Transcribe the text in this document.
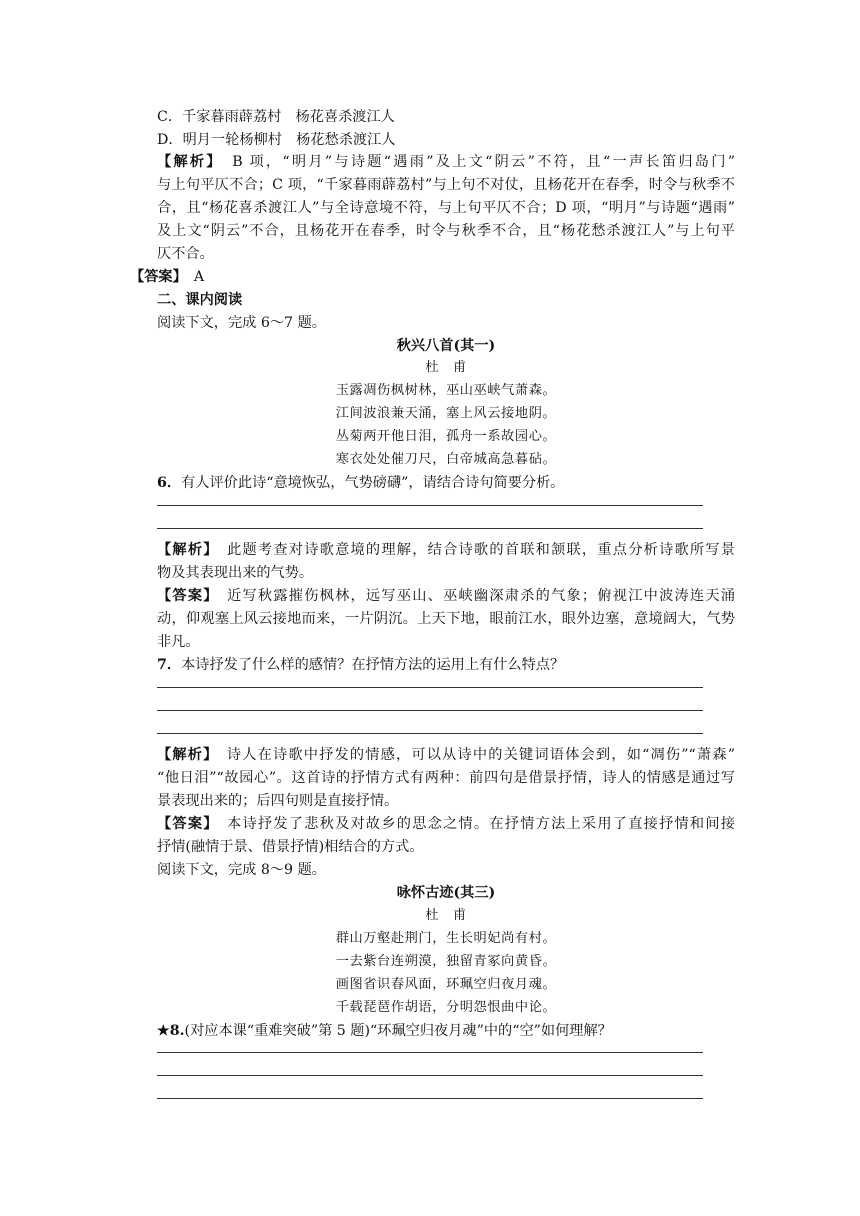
C．千家暮雨薜荔村　杨花喜杀渡江人

D．明月一轮杨柳村　杨花愁杀渡江人

【解析】　 B 项，“明月”与诗题“遇雨”及上文“阴云”不符，且“一声长笛归岛门”

与上句平仄不合；C 项，“千家暮雨薜荔村”与上句不对仗，且杨花开在春季，时令与秋季不

合，且“杨花喜杀渡江人”与全诗意境不符，与上句平仄不合；D 项，“明月”与诗题“遇雨”

及上文“阴云”不合，且杨花开在春季，时令与秋季不合，且“杨花愁杀渡江人”与上句平

仄不合。

【答案】　 A

二、课内阅读

阅读下文，完成 6～7 题。

秋兴八首(其一)

杜　甫

玉露凋伤枫树林，巫山巫峡气萧森。

江间波浪兼天涌，塞上风云接地阴。

丛菊两开他日泪，孤舟一系故园心。

寒衣处处催刀尺，白帝城高急暮砧。

6．有人评价此诗“意境恢弘，气势磅礴”，请结合诗句简要分析。

【解析】　 此题考查对诗歌意境的理解，结合诗歌的首联和颔联，重点分析诗歌所写景

物及其表现出来的气势。

【答案】　 近写秋露摧伤枫林，远写巫山、巫峡幽深肃杀的气象；俯视江中波涛连天涌

动，仰观塞上风云接地而来，一片阴沉。上天下地，眼前江水，眼外边塞，意境阔大，气势

非凡。

7．本诗抒发了什么样的感情？在抒情方法的运用上有什么特点？

【解析】　 诗人在诗歌中抒发的情感，可以从诗中的关键词语体会到，如“凋伤”“萧森”

“他日泪”“故园心”。这首诗的抒情方式有两种：前四句是借景抒情，诗人的情感是通过写

景表现出来的；后四句则是直接抒情。

【答案】　 本诗抒发了悲秋及对故乡的思念之情。在抒情方法上采用了直接抒情和间接

抒情(融情于景、借景抒情)相结合的方式。

阅读下文，完成 8～9 题。

咏怀古迹(其三)

杜　甫

群山万壑赴荆门，生长明妃尚有村。

一去紫台连朔漠，独留青冢向黄昏。

画图省识春风面，环珮空归夜月魂。

千载琵琶作胡语，分明怨恨曲中论。

★8.(对应本课“重难突破”第 5 题)“环珮空归夜月魂”中的“空”如何理解？
